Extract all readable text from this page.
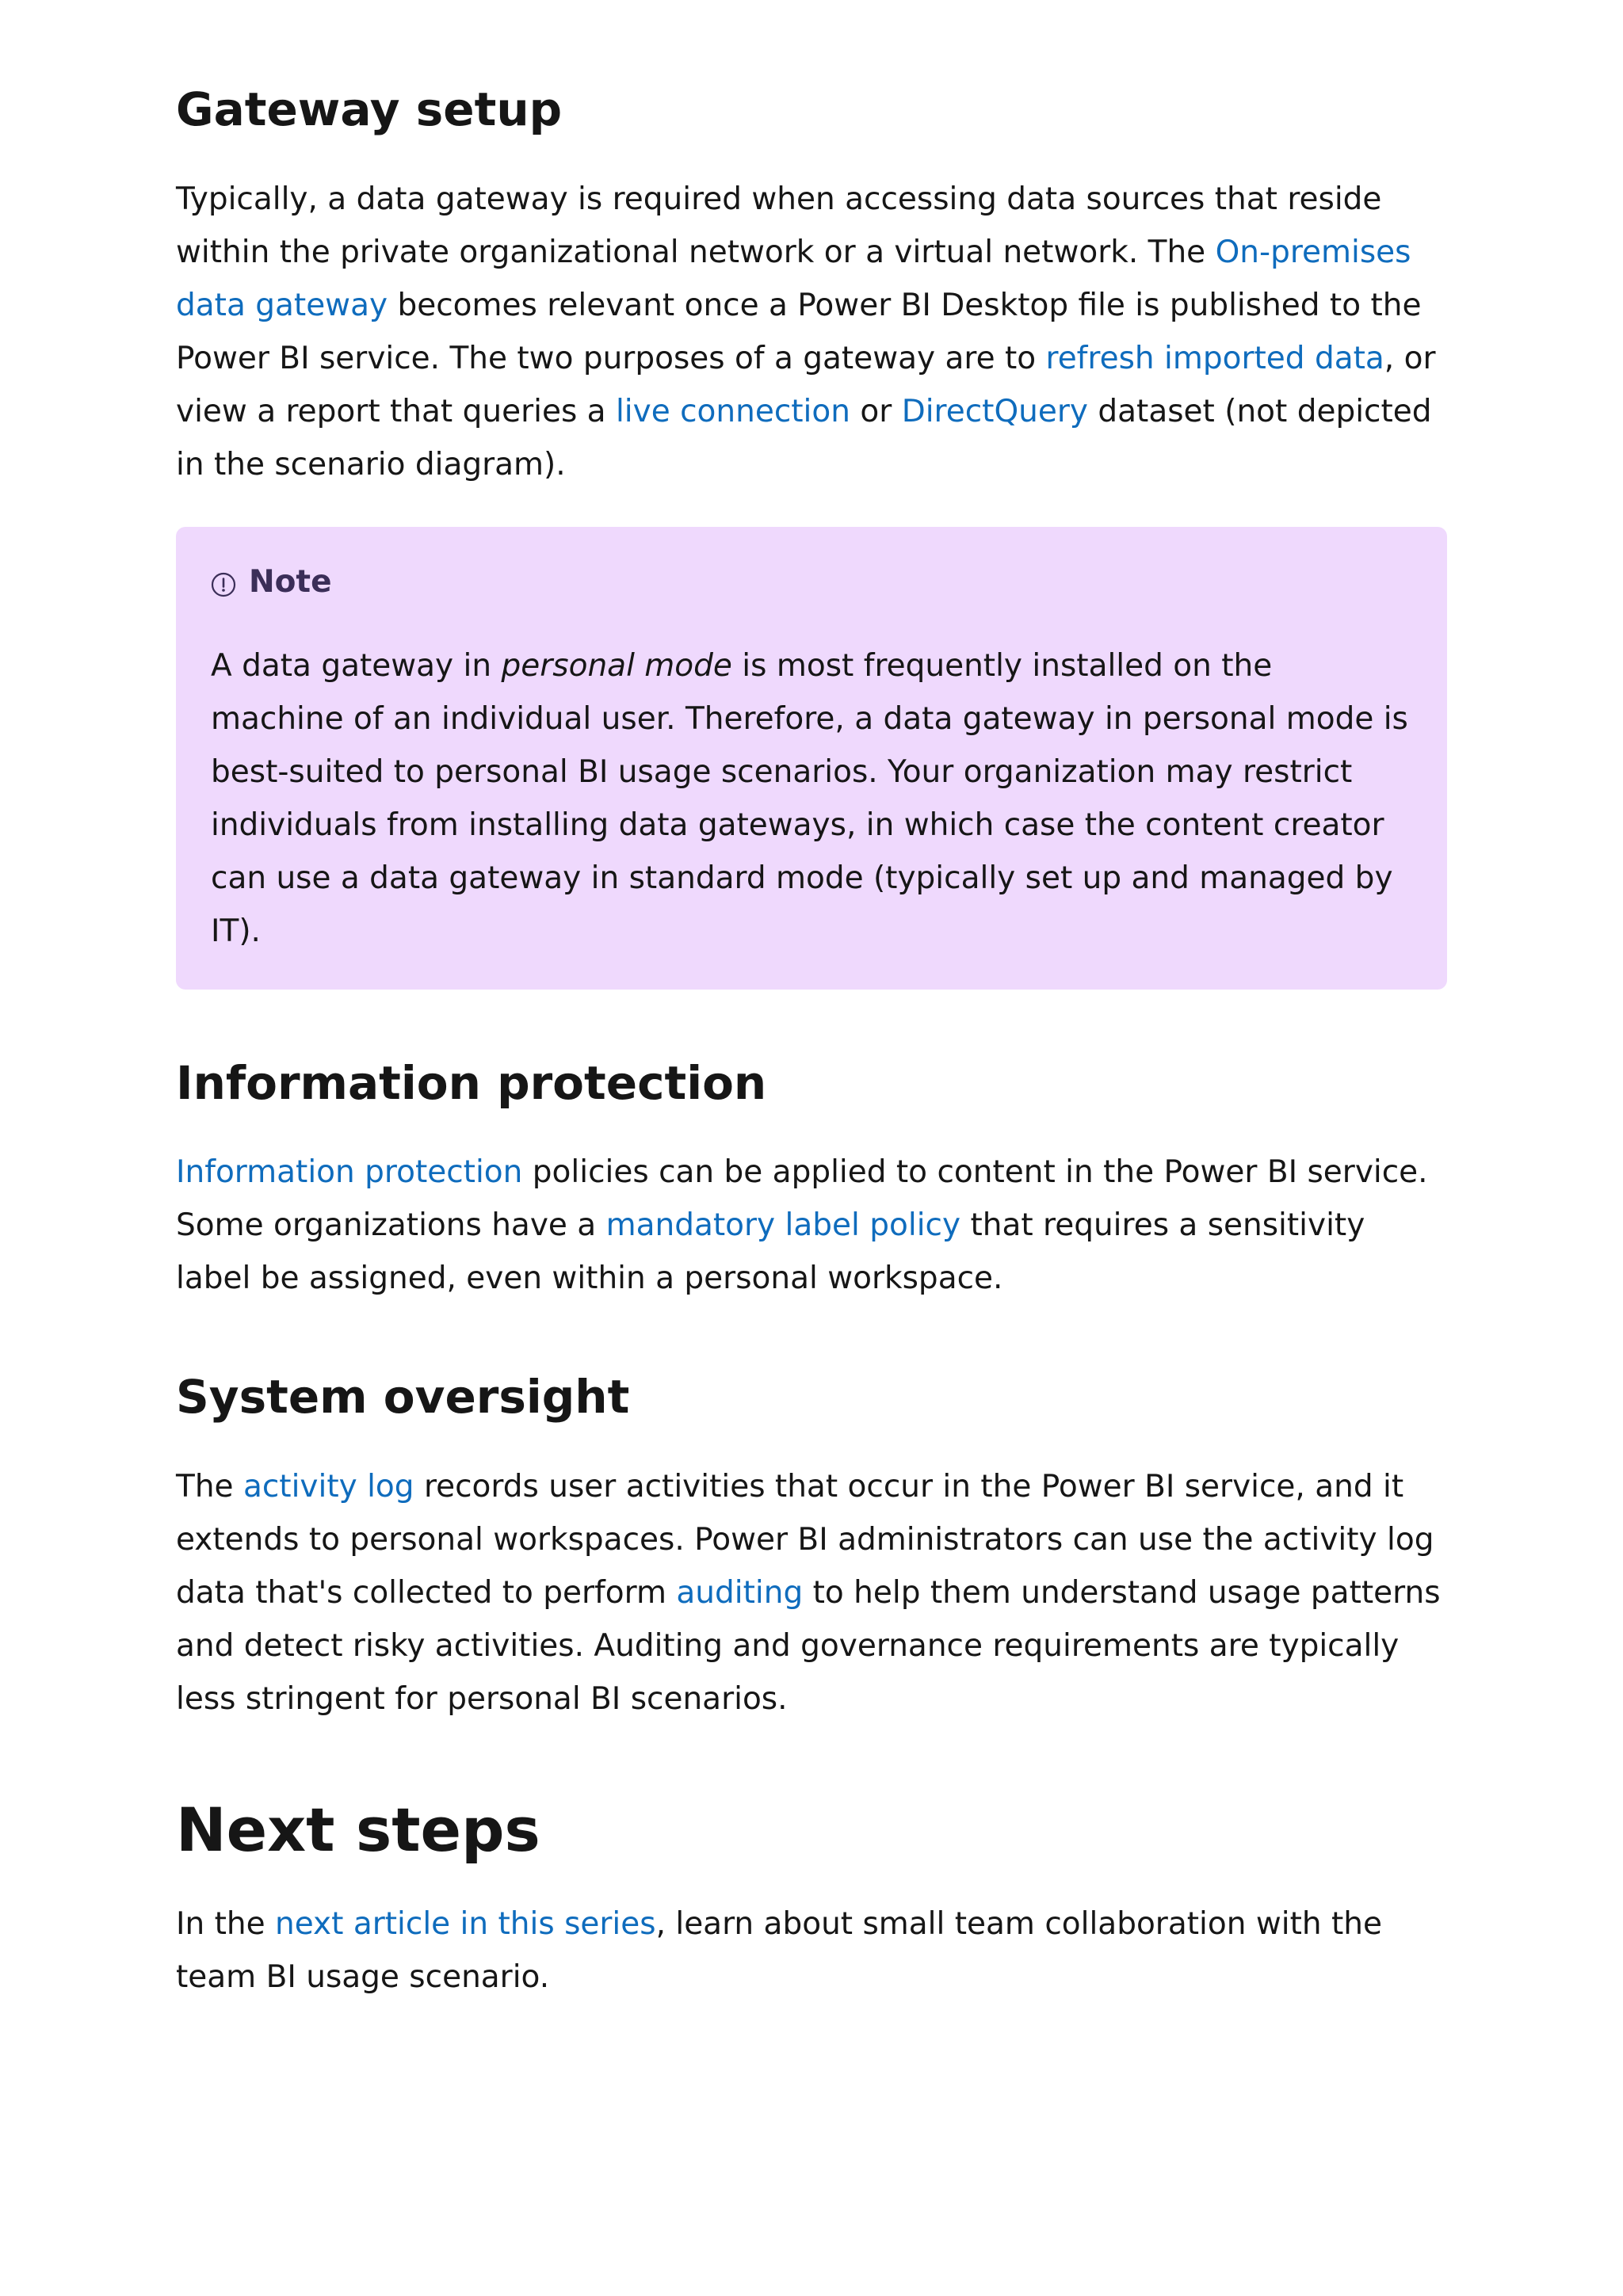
Gateway setup

Typically, a data gateway is required when accessing data sources that reside within the private organizational network or a virtual network. The On-premises data gateway becomes relevant once a Power BI Desktop file is published to the Power BI service. The two purposes of a gateway are to refresh imported data, or view a report that queries a live connection or DirectQuery dataset (not depicted in the scenario diagram).

Note

A data gateway in personal mode is most frequently installed on the machine of an individual user. Therefore, a data gateway in personal mode is best-suited to personal BI usage scenarios. Your organization may restrict individuals from installing data gateways, in which case the content creator can use a data gateway in standard mode (typically set up and managed by IT).

Information protection

Information protection policies can be applied to content in the Power BI service. Some organizations have a mandatory label policy that requires a sensitivity label be assigned, even within a personal workspace.

System oversight

The activity log records user activities that occur in the Power BI service, and it extends to personal workspaces. Power BI administrators can use the activity log data that's collected to perform auditing to help them understand usage patterns and detect risky activities. Auditing and governance requirements are typically less stringent for personal BI scenarios.

Next steps

In the next article in this series, learn about small team collaboration with the team BI usage scenario.
